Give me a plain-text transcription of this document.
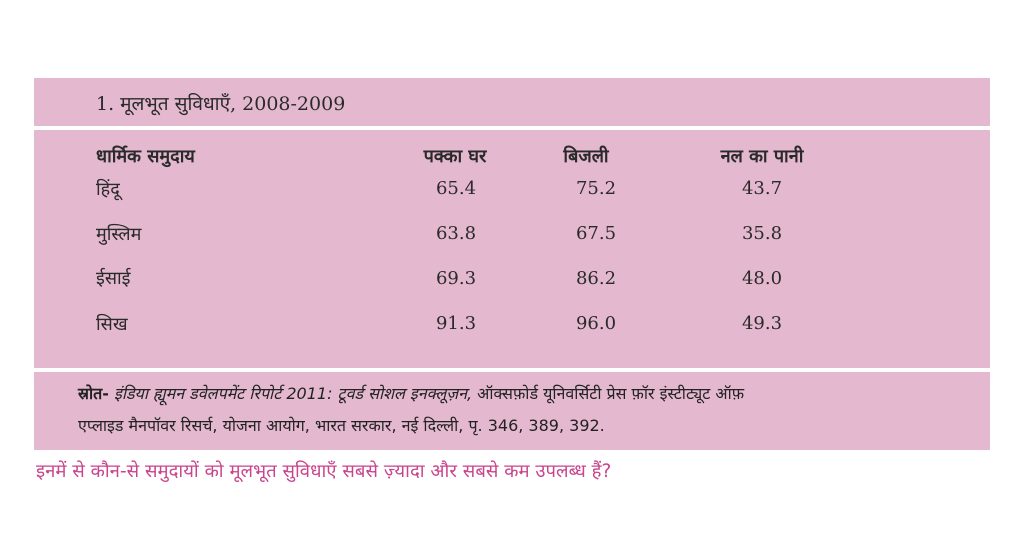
1. मूलभूत सुविधाएँ, 2008-2009
धार्मिक समुदाय	पक्का घर	बिजली	नल का पानी
हिंदू	65.4	75.2	43.7
मुस्लिम	63.8	67.5	35.8
ईसाई	69.3	86.2	48.0
सिख	91.3	96.0	49.3
स्रोत- इंडिया ह्यूमन डवेलपमेंट रिपोर्ट 2011: टूवर्ड सोशल इनक्लूज़न, ऑक्सफ़ोर्ड यूनिवर्सिटी प्रेस फ़ॉर इंस्टीट्यूट ऑफ़
एप्लाइड मैनपॉवर रिसर्च, योजना आयोग, भारत सरकार, नई दिल्ली, पृ. 346, 389, 392.
इनमें से कौन-से समुदायों को मूलभूत सुविधाएँ सबसे ज़्यादा और सबसे कम उपलब्ध हैं?
